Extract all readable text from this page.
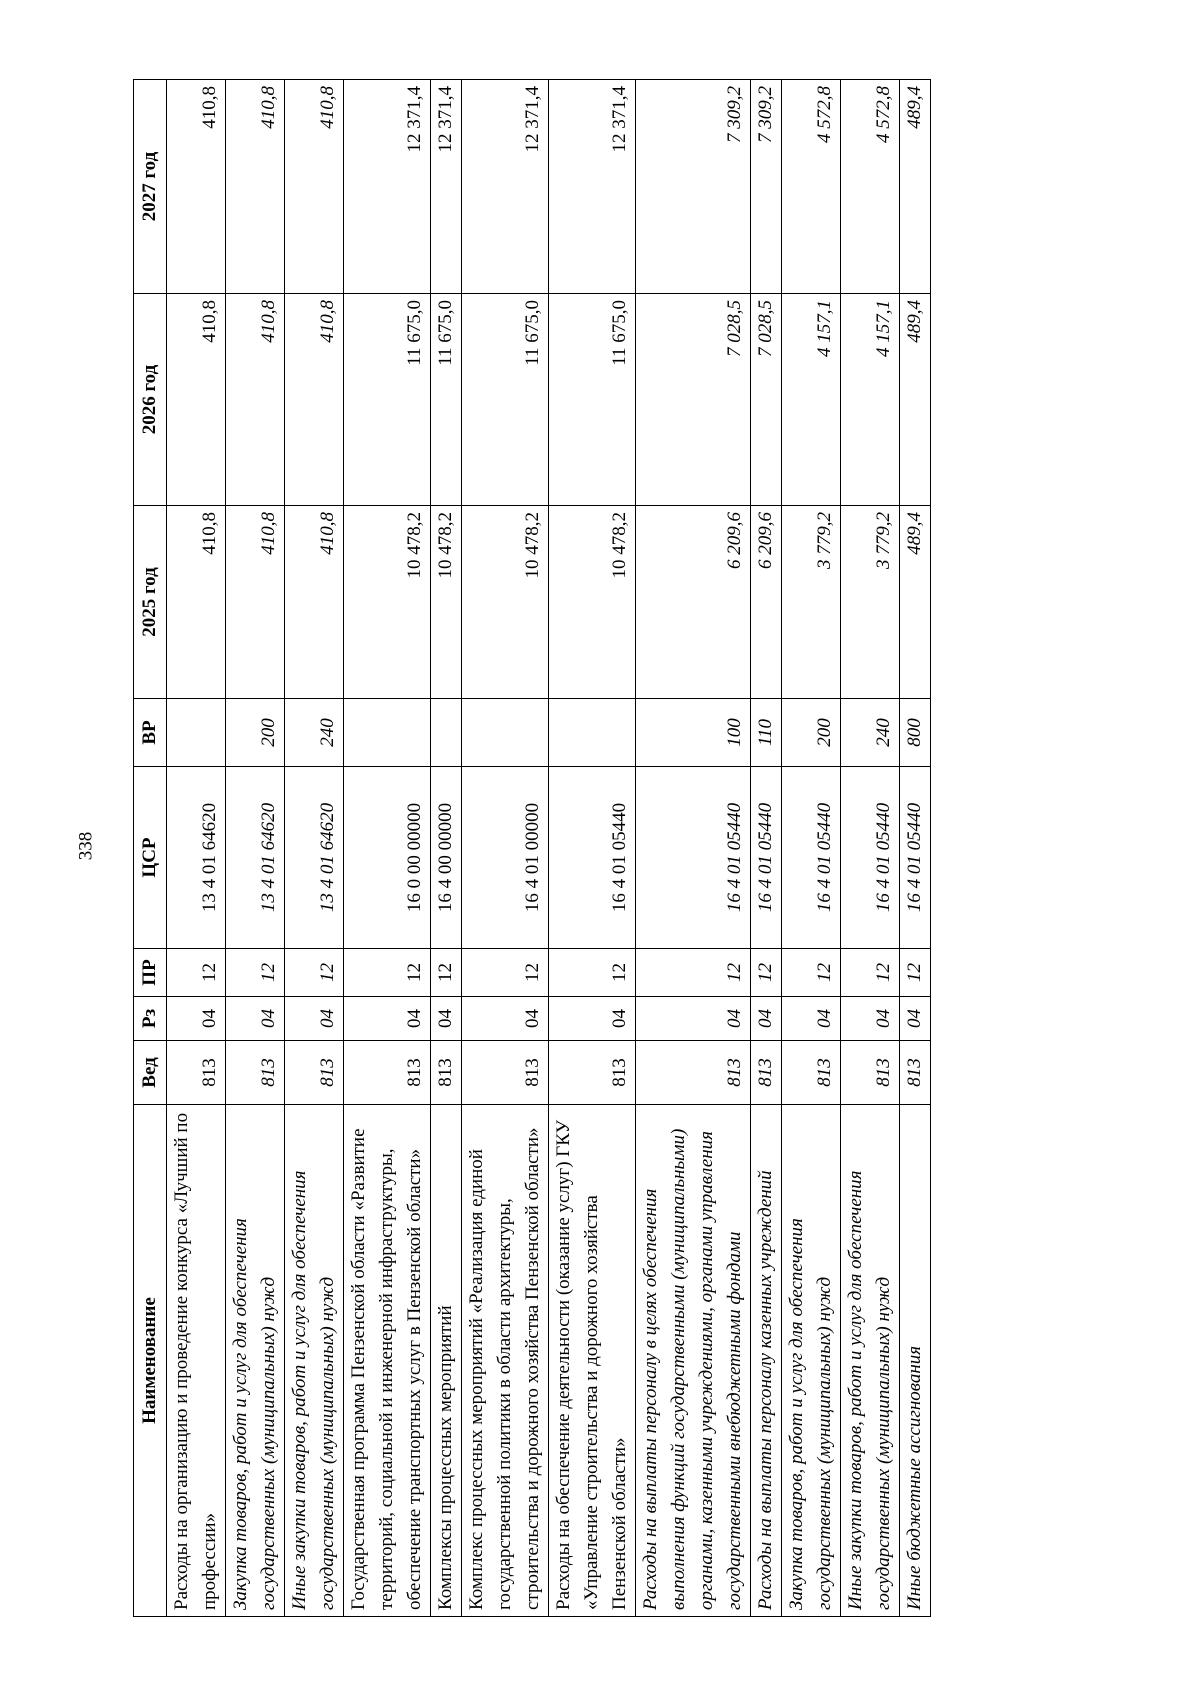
338
Наименование	Вед	Рз	ПР	ЦСР	ВР	2025 год	2026 год	2027 год
Расходы на организацию и проведение конкурса «Лучший по профессии»	813	04	12	13 4 01 64620		410,8	410,8	410,8
Закупка товаров, работ и услуг для обеспечения государственных (муниципальных) нужд	813	04	12	13 4 01 64620	200	410,8	410,8	410,8
Иные закупки товаров, работ и услуг для обеспечения государственных (муниципальных) нужд	813	04	12	13 4 01 64620	240	410,8	410,8	410,8
Государственная программа Пензенской области «Развитие территорий, социальной и инженерной инфраструктуры, обеспечение транспортных услуг в Пензенской области»	813	04	12	16 0 00 00000		10 478,2	11 675,0	12 371,4
Комплексы процессных мероприятий	813	04	12	16 4 00 00000		10 478,2	11 675,0	12 371,4
Комплекс процессных мероприятий «Реализация единой государственной политики в области архитектуры, строительства и дорожного хозяйства Пензенской области»	813	04	12	16 4 01 00000		10 478,2	11 675,0	12 371,4
Расходы на обеспечение деятельности (оказание услуг) ГКУ «Управление строительства и дорожного хозяйства Пензенской области»	813	04	12	16 4 01 05440		10 478,2	11 675,0	12 371,4
Расходы на выплаты персоналу в целях обеспечения выполнения функций государственными (муниципальными) органами, казенными учреждениями, органами управления государственными внебюджетными фондами	813	04	12	16 4 01 05440	100	6 209,6	7 028,5	7 309,2
Расходы на выплаты персоналу казенных учреждений	813	04	12	16 4 01 05440	110	6 209,6	7 028,5	7 309,2
Закупка товаров, работ и услуг для обеспечения государственных (муниципальных) нужд	813	04	12	16 4 01 05440	200	3 779,2	4 157,1	4 572,8
Иные закупки товаров, работ и услуг для обеспечения государственных (муниципальных) нужд	813	04	12	16 4 01 05440	240	3 779,2	4 157,1	4 572,8
Иные бюджетные ассигнования	813	04	12	16 4 01 05440	800	489,4	489,4	489,4
